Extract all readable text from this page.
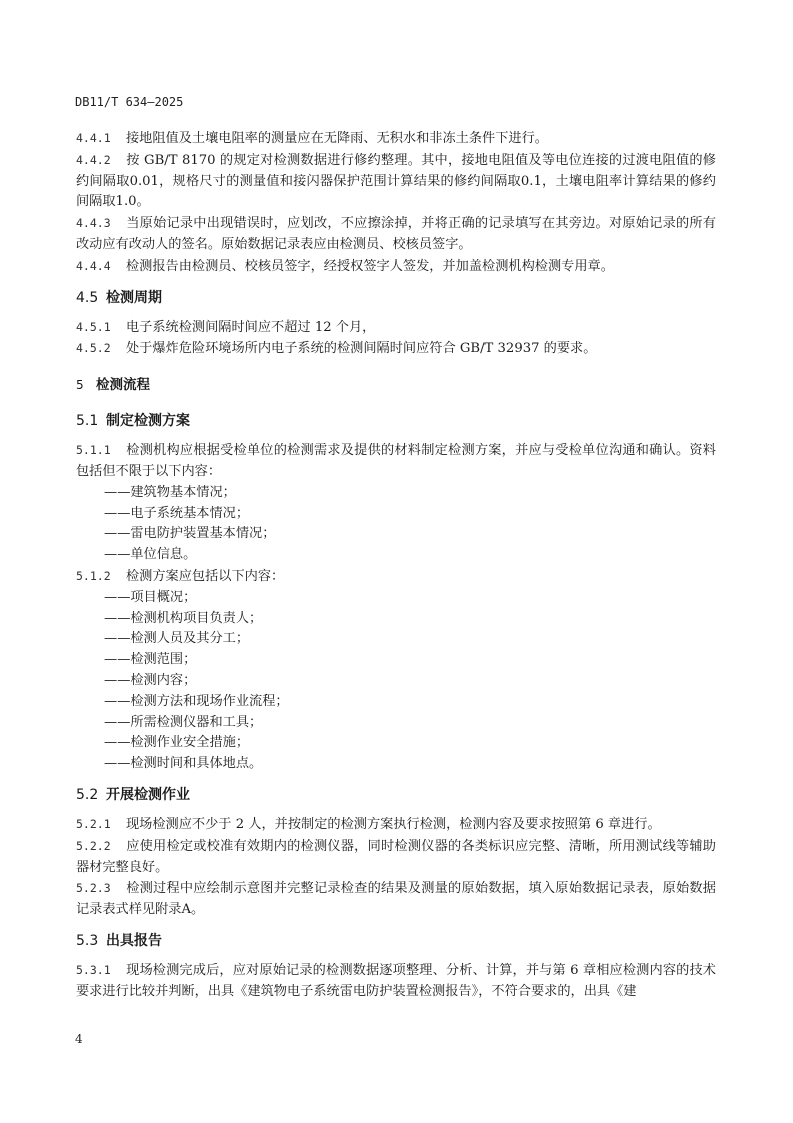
DB11/T 634—2025

4.4.1 接地阻值及土壤电阻率的测量应在无降雨、无积水和非冻土条件下进行。

4.4.2 按 GB/T 8170 的规定对检测数据进行修约整理。其中，接地电阻值及等电位连接的过渡电阻值的修约间隔取0.01，规格尺寸的测量值和接闪器保护范围计算结果的修约间隔取0.1，土壤电阻率计算结果的修约间隔取1.0。

4.4.3 当原始记录中出现错误时，应划改，不应擦涂掉，并将正确的记录填写在其旁边。对原始记录的所有改动应有改动人的签名。原始数据记录表应由检测员、校核员签字。

4.4.4 检测报告由检测员、校核员签字，经授权签字人签发，并加盖检测机构检测专用章。

4.5 检测周期

4.5.1 电子系统检测间隔时间应不超过 12 个月，

4.5.2 处于爆炸危险环境场所内电子系统的检测间隔时间应符合 GB/T 32937 的要求。

5 检测流程
5.1 制定检测方案

5.1.1 检测机构应根据受检单位的检测需求及提供的材料制定检测方案，并应与受检单位沟通和确认。资料包括但不限于以下内容：

——建筑物基本情况；

——电子系统基本情况；

——雷电防护装置基本情况；

——单位信息。

5.1.2 检测方案应包括以下内容：

——项目概况；

——检测机构项目负责人；

——检测人员及其分工；

——检测范围；

——检测内容；

——检测方法和现场作业流程；

——所需检测仪器和工具；

——检测作业安全措施；

——检测时间和具体地点。

5.2 开展检测作业

5.2.1 现场检测应不少于 2 人，并按制定的检测方案执行检测，检测内容及要求按照第 6 章进行。

5.2.2 应使用检定或校准有效期内的检测仪器，同时检测仪器的各类标识应完整、清晰，所用测试线等辅助器材完整良好。

5.2.3 检测过程中应绘制示意图并完整记录检查的结果及测量的原始数据，填入原始数据记录表，原始数据记录表式样见附录A。

5.3 出具报告

5.3.1 现场检测完成后，应对原始记录的检测数据逐项整理、分析、计算，并与第 6 章相应检测内容的技术要求进行比较并判断，出具《建筑物电子系统雷电防护装置检测报告》，不符合要求的，出具《建

4
